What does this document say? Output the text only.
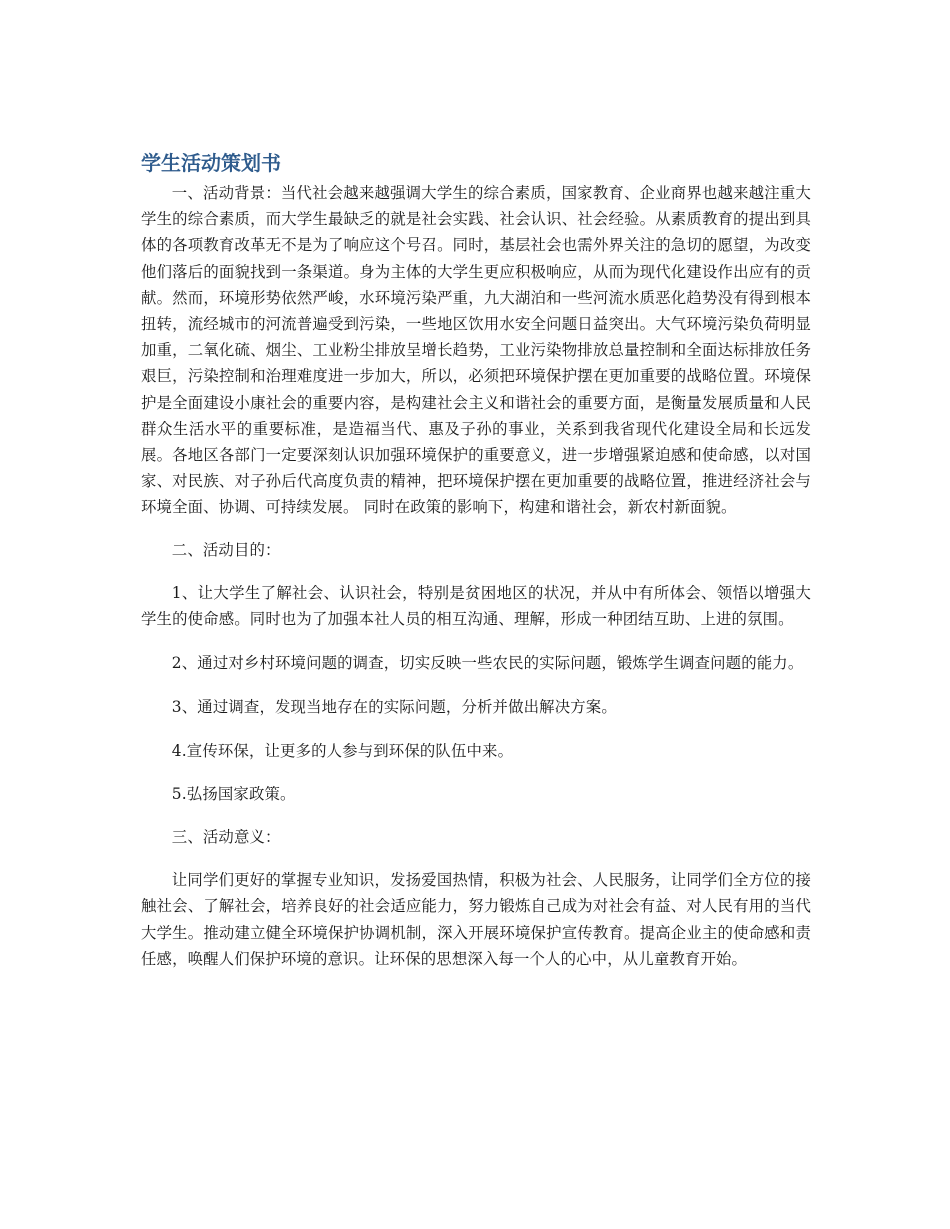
学生活动策划书

一、活动背景：当代社会越来越强调大学生的综合素质，国家教育、企业商界也越来越注重大学生的综合素质，而大学生最缺乏的就是社会实践、社会认识、社会经验。从素质教育的提出到具体的各项教育改革无不是为了响应这个号召。同时，基层社会也需外界关注的急切的愿望，为改变他们落后的面貌找到一条渠道。身为主体的大学生更应积极响应，从而为现代化建设作出应有的贡献。然而，环境形势依然严峻，水环境污染严重，九大湖泊和一些河流水质恶化趋势没有得到根本扭转，流经城市的河流普遍受到污染，一些地区饮用水安全问题日益突出。大气环境污染负荷明显加重，二氧化硫、烟尘、工业粉尘排放呈增长趋势，工业污染物排放总量控制和全面达标排放任务艰巨，污染控制和治理难度进一步加大，所以，必须把环境保护摆在更加重要的战略位置。环境保护是全面建设小康社会的重要内容，是构建社会主义和谐社会的重要方面，是衡量发展质量和人民群众生活水平的重要标准，是造福当代、惠及子孙的事业，关系到我省现代化建设全局和长远发展。各地区各部门一定要深刻认识加强环境保护的重要意义，进一步增强紧迫感和使命感，以对国家、对民族、对子孙后代高度负责的精神，把环境保护摆在更加重要的战略位置，推进经济社会与环境全面、协调、可持续发展。 同时在政策的影响下，构建和谐社会，新农村新面貌。

二、活动目的：

1、让大学生了解社会、认识社会，特别是贫困地区的状况，并从中有所体会、领悟以增强大学生的使命感。同时也为了加强本社人员的相互沟通、理解，形成一种团结互助、上进的氛围。

2、通过对乡村环境问题的调查，切实反映一些农民的实际问题，锻炼学生调查问题的能力。

3、通过调查，发现当地存在的实际问题，分析并做出解决方案。

4.宣传环保，让更多的人参与到环保的队伍中来。

5.弘扬国家政策。

三、活动意义：

让同学们更好的掌握专业知识，发扬爱国热情，积极为社会、人民服务，让同学们全方位的接触社会、了解社会，培养良好的社会适应能力，努力锻炼自己成为对社会有益、对人民有用的当代大学生。推动建立健全环境保护协调机制，深入开展环境保护宣传教育。提高企业主的使命感和责任感，唤醒人们保护环境的意识。让环保的思想深入每一个人的心中，从儿童教育开始。
